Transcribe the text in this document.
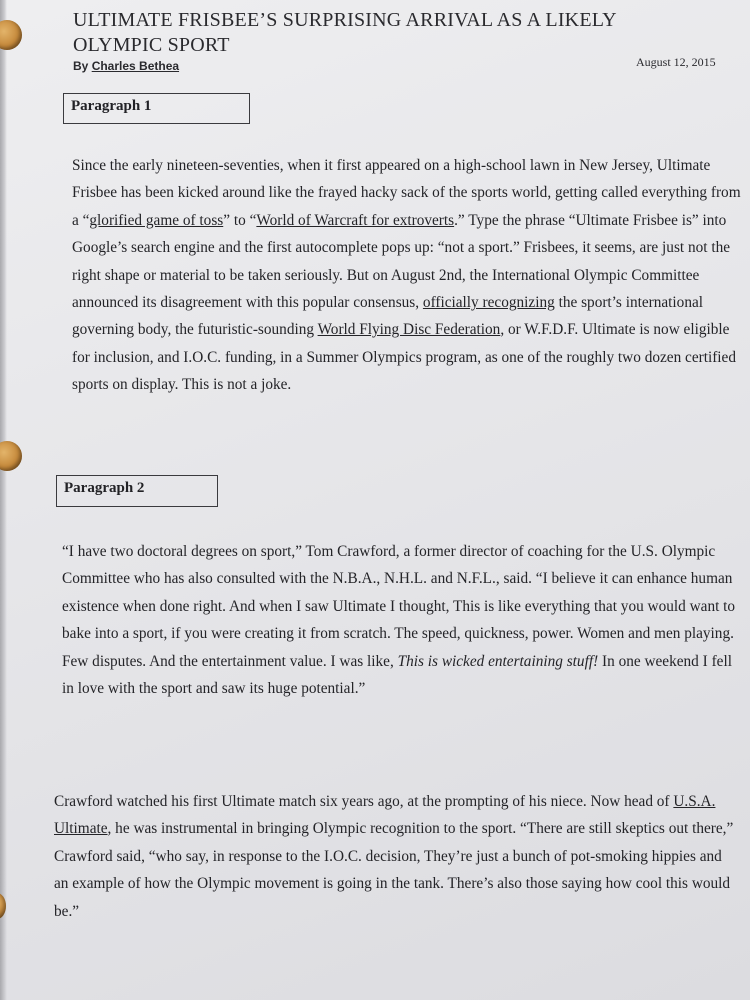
ULTIMATE FRISBEE’S SURPRISING ARRIVAL AS A LIKELY OLYMPIC SPORT
By Charles Bethea	August 12, 2015
Paragraph 1

Since the early nineteen-seventies, when it first appeared on a high-school lawn in New Jersey, Ultimate Frisbee has been kicked around like the frayed hacky sack of the sports world, getting called everything from a “glorified game of toss” to “World of Warcraft for extroverts.” Type the phrase “Ultimate Frisbee is” into Google’s search engine and the first autocomplete pops up: “not a sport.” Frisbees, it seems, are just not the right shape or material to be taken seriously. But on August 2nd, the International Olympic Committee announced its disagreement with this popular consensus, officially recognizing the sport’s international governing body, the futuristic-sounding World Flying Disc Federation, or W.F.D.F. Ultimate is now eligible for inclusion, and I.O.C. funding, in a Summer Olympics program, as one of the roughly two dozen certified sports on display. This is not a joke.

Paragraph 2

“I have two doctoral degrees on sport,” Tom Crawford, a former director of coaching for the U.S. Olympic Committee who has also consulted with the N.B.A., N.H.L. and N.F.L., said. “I believe it can enhance human existence when done right. And when I saw Ultimate I thought, This is like everything that you would want to bake into a sport, if you were creating it from scratch. The speed, quickness, power. Women and men playing. Few disputes. And the entertainment value. I was like, This is wicked entertaining stuff! In one weekend I fell in love with the sport and saw its huge potential.”

Crawford watched his first Ultimate match six years ago, at the prompting of his niece. Now head of U.S.A. Ultimate, he was instrumental in bringing Olympic recognition to the sport. “There are still skeptics out there,” Crawford said, “who say, in response to the I.O.C. decision, They’re just a bunch of pot-smoking hippies and an example of how the Olympic movement is going in the tank. There’s also those saying how cool this would be.”
